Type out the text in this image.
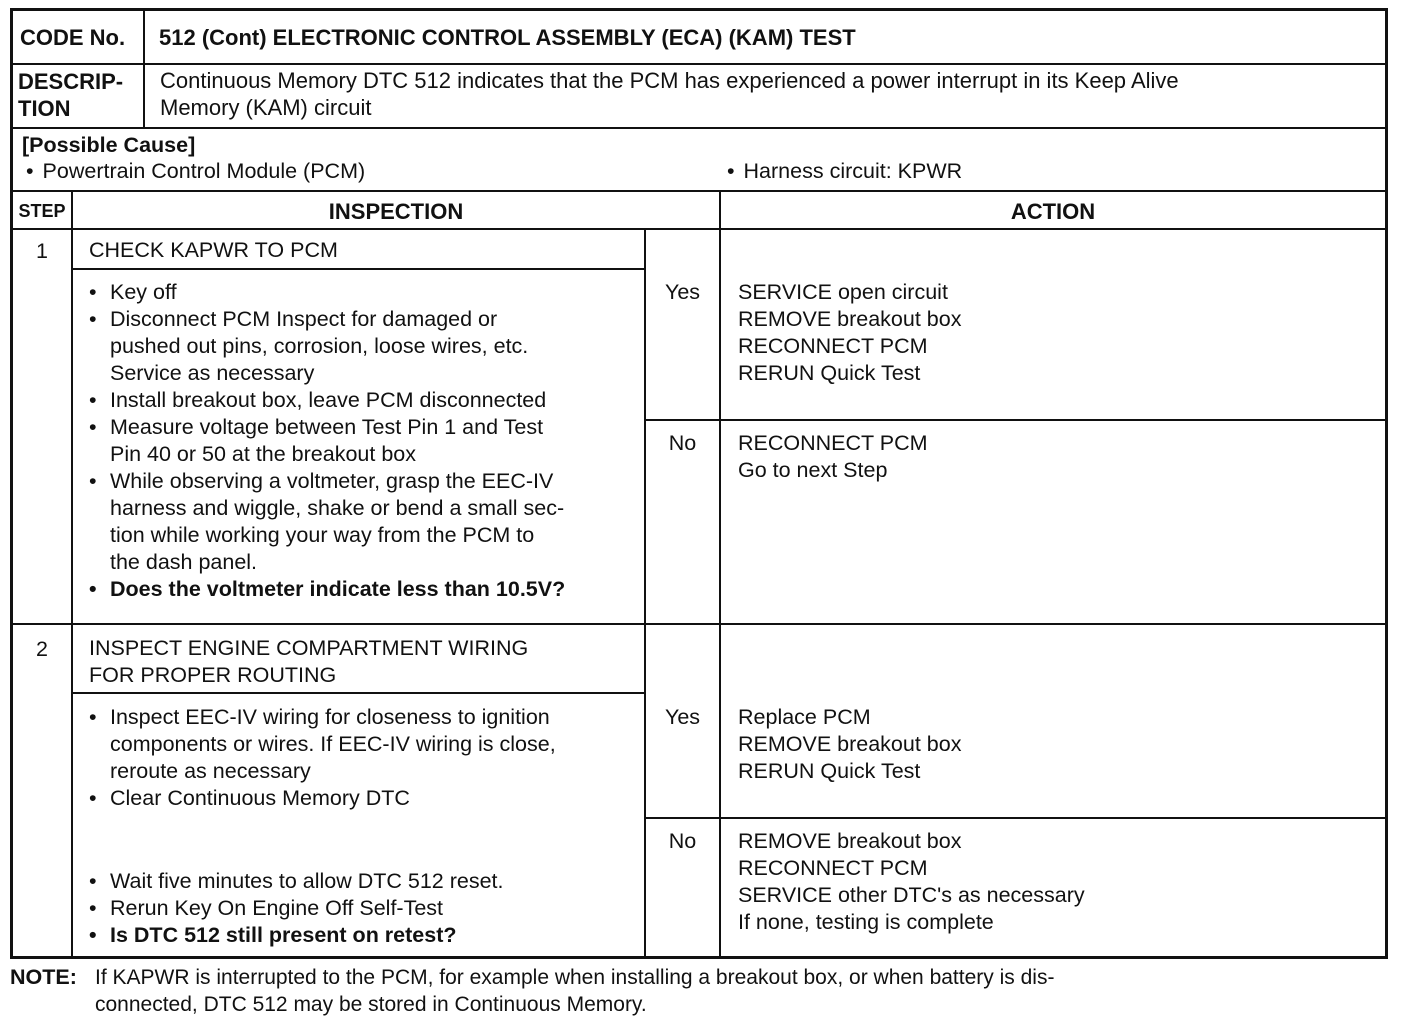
CODE No. 512 (Cont) ELECTRONIC CONTROL ASSEMBLY (ECA) (KAM) TEST
DESCRIP-
TION
Continuous Memory DTC 512 indicates that the PCM has experienced a power interrupt in its Keep Alive
Memory (KAM) circuit
[Possible Cause]
• Powertrain Control Module (PCM)	• Harness circuit: KPWR
STEP	INSPECTION	ACTION
1	CHECK KAPWR TO PCM
• Key off
• Disconnect PCM Inspect for damaged or
pushed out pins, corrosion, loose wires, etc.
Service as necessary
• Install breakout box, leave PCM disconnected
• Measure voltage between Test Pin 1 and Test
Pin 40 or 50 at the breakout box
• While observing a voltmeter, grasp the EEC-IV
harness and wiggle, shake or bend a small sec-
tion while working your way from the PCM to
the dash panel.
• Does the voltmeter indicate less than 10.5V?
Yes	SERVICE open circuit
REMOVE breakout box
RECONNECT PCM
RERUN Quick Test
No	RECONNECT PCM
Go to next Step
2	INSPECT ENGINE COMPARTMENT WIRING
FOR PROPER ROUTING
• Inspect EEC-IV wiring for closeness to ignition
components or wires. If EEC-IV wiring is close,
reroute as necessary
• Clear Continuous Memory DTC
• Wait five minutes to allow DTC 512 reset.
• Rerun Key On Engine Off Self-Test
• Is DTC 512 still present on retest?
Yes	Replace PCM
REMOVE breakout box
RERUN Quick Test
No	REMOVE breakout box
RECONNECT PCM
SERVICE other DTC's as necessary
If none, testing is complete
NOTE: If KAPWR is interrupted to the PCM, for example when installing a breakout box, or when battery is dis-
connected, DTC 512 may be stored in Continuous Memory.
